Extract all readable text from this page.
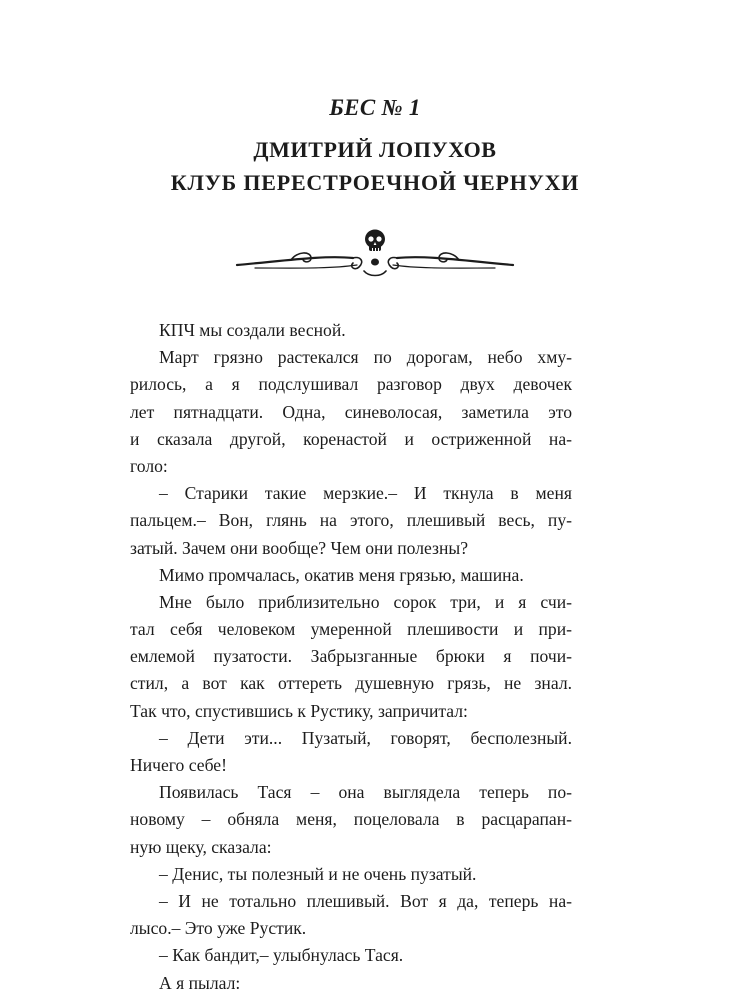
БЕС № 1
ДМИТРИЙ ЛОПУХОВ
КЛУБ ПЕРЕСТРОЕЧНОЙ ЧЕРНУХИ

КПЧ мы создали весной.

Март грязно растекался по дорогам, небо хму-
рилось, а я подслушивал разговор двух девочек
лет пятнадцати. Одна, синеволосая, заметила это
и сказала другой, коренастой и остриженной на-
голо:

– Старики такие мерзкие.– И ткнула в меня
пальцем.– Вон, глянь на этого, плешивый весь, пу-
затый. Зачем они вообще? Чем они полезны?

Мимо промчалась, окатив меня грязью, машина.

Мне было приблизительно сорок три, и я счи-
тал себя человеком умеренной плешивости и при-
емлемой пузатости. Забрызганные брюки я почи-
стил, а вот как оттереть душевную грязь, не знал.
Так что, спустившись к Рустику, запричитал:

– Дети эти... Пузатый, говорят, бесполезный.
Ничего себе!

Появилась Тася – она выглядела теперь по-
новому – обняла меня, поцеловала в расцарапан-
ную щеку, сказала:

– Денис, ты полезный и не очень пузатый.

– И не тотально плешивый. Вот я да, теперь на-
лысо.– Это уже Рустик.

– Как бандит,– улыбнулась Тася.

А я пылал:
